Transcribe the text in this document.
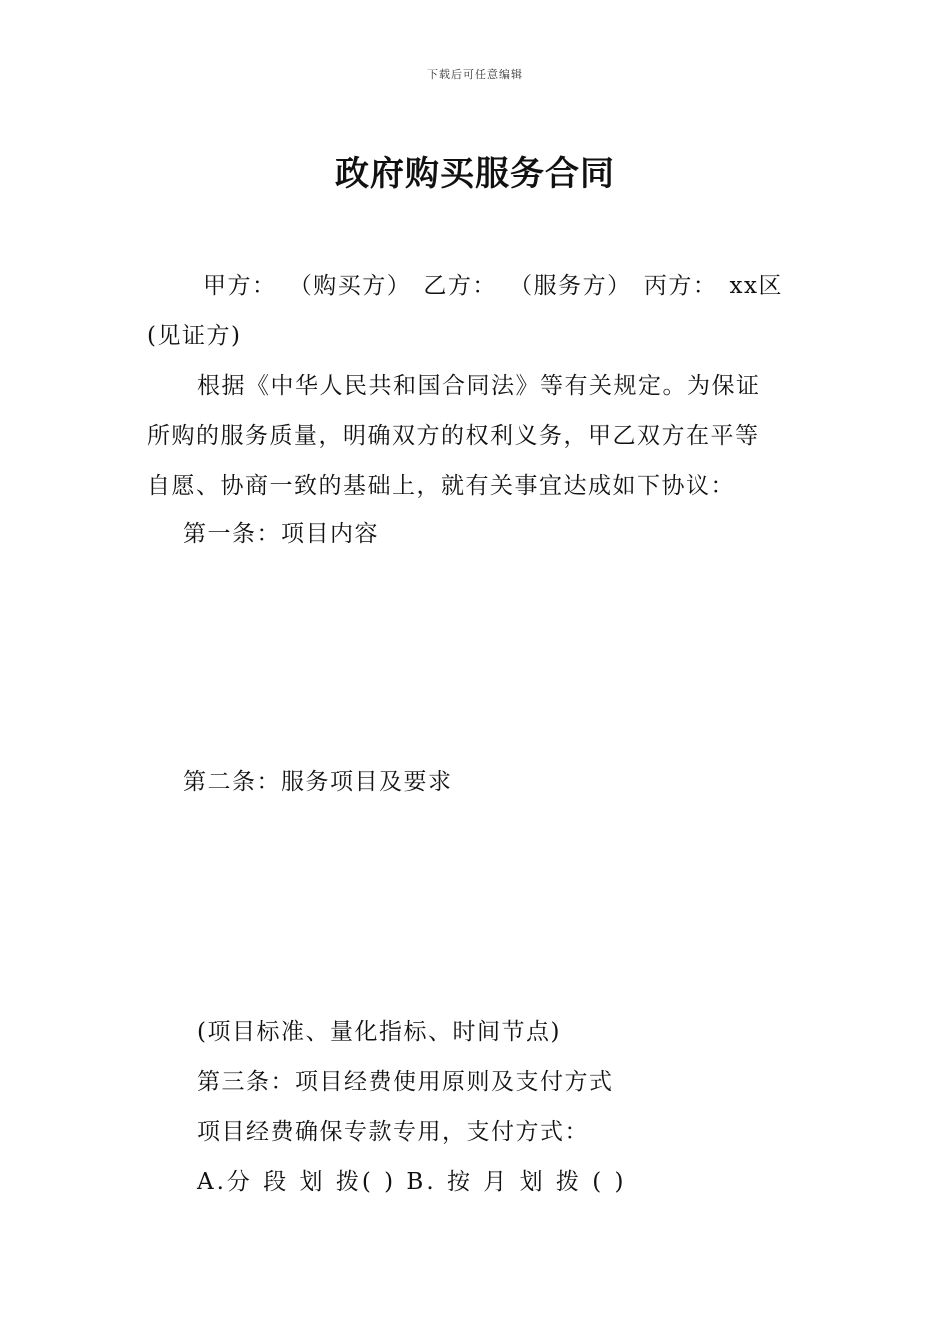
下载后可任意编辑
政府购买服务合同
甲方： （购买方） 乙方： （服务方） 丙方： xx区
(见证方)
根据《中华人民共和国合同法》等有关规定。为保证
所购的服务质量，明确双方的权利义务，甲乙双方在平等
自愿、协商一致的基础上，就有关事宜达成如下协议：
第一条：项目内容
第二条：服务项目及要求
(项目标准、量化指标、时间节点)
第三条：项目经费使用原则及支付方式
项目经费确保专款专用，支付方式：
A.分 段 划 拨( ) B. 按 月 划 拨 ( )
